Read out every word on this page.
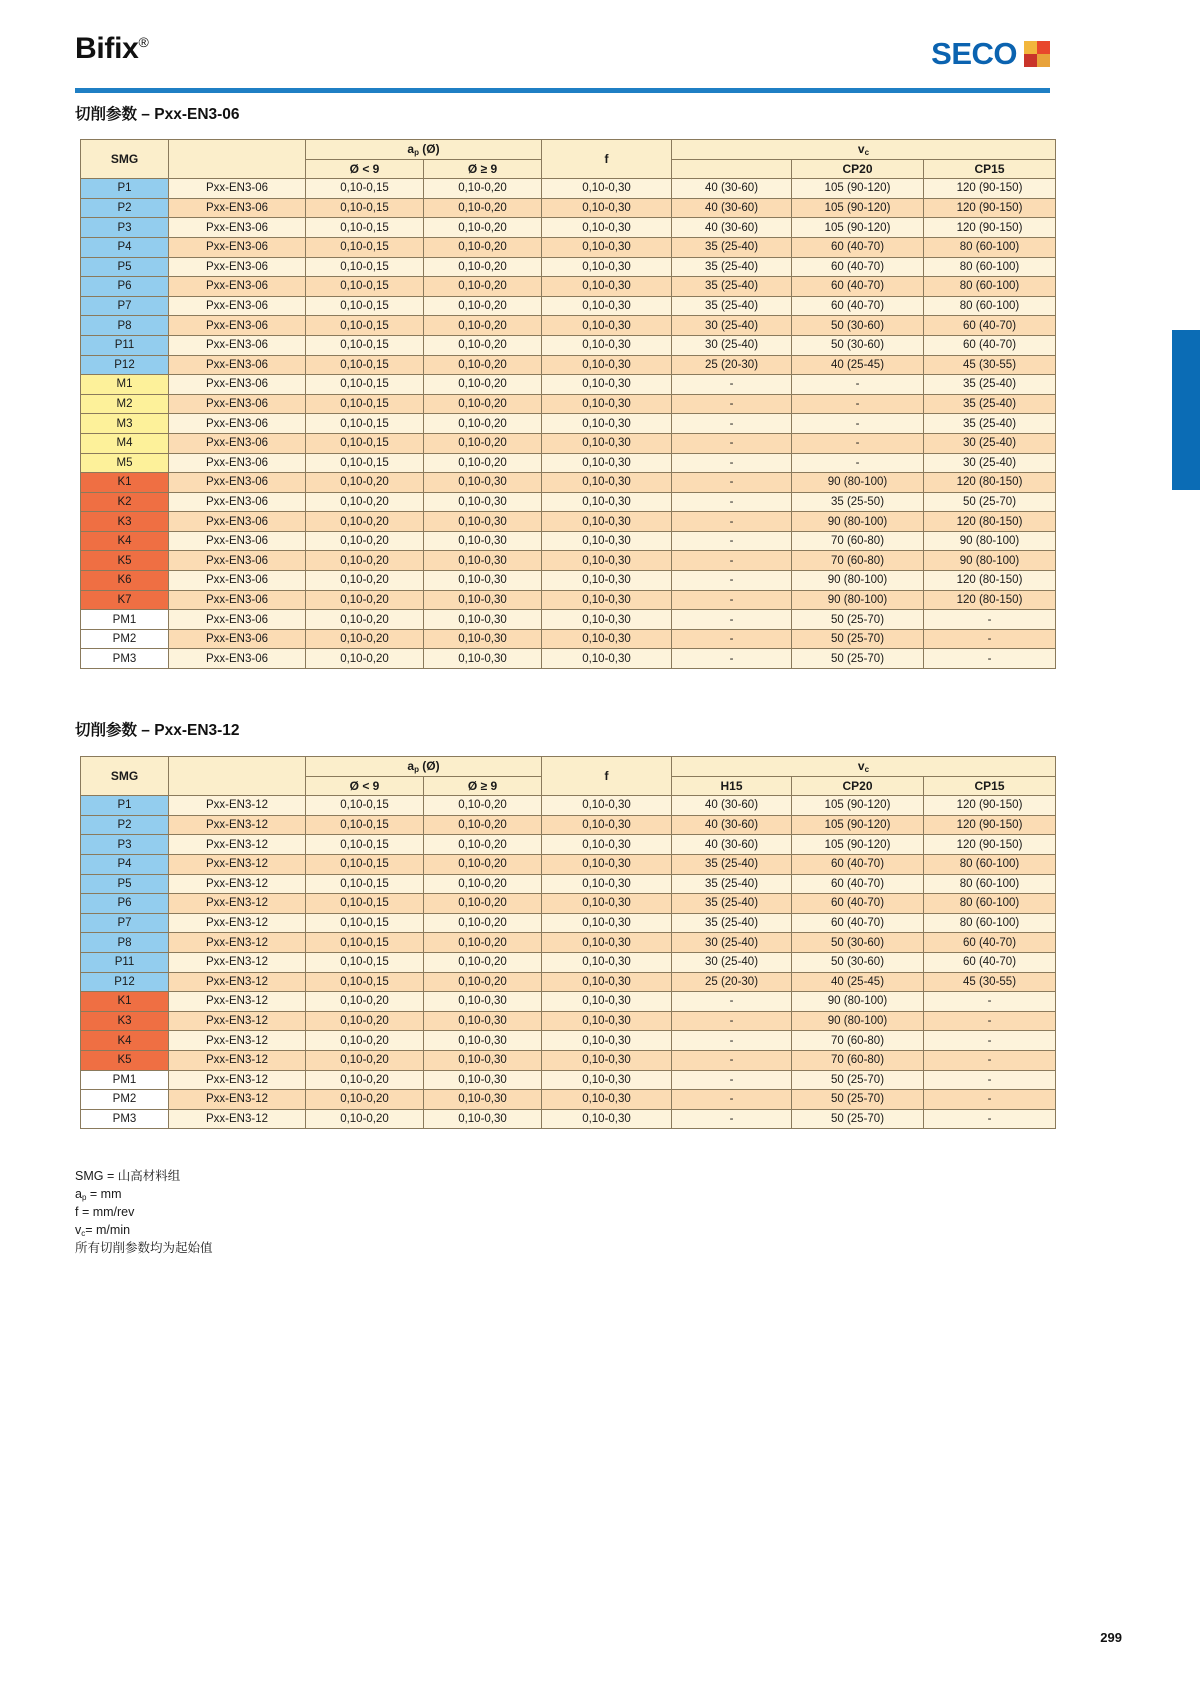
Bifix®	SECO
切削参数 – Pxx-EN3-06
SMG		$a_p$ (Ø)		f	$v_c$
		Ø < 9	Ø ≥ 9			CP20	CP15
P1	Pxx-EN3-06	0,10-0,15	0,10-0,20	0,10-0,30	40 (30-60)	105 (90-120)	120 (90-150)
P2	Pxx-EN3-06	0,10-0,15	0,10-0,20	0,10-0,30	40 (30-60)	105 (90-120)	120 (90-150)
P3	Pxx-EN3-06	0,10-0,15	0,10-0,20	0,10-0,30	40 (30-60)	105 (90-120)	120 (90-150)
P4	Pxx-EN3-06	0,10-0,15	0,10-0,20	0,10-0,30	35 (25-40)	60 (40-70)	80 (60-100)
P5	Pxx-EN3-06	0,10-0,15	0,10-0,20	0,10-0,30	35 (25-40)	60 (40-70)	80 (60-100)
P6	Pxx-EN3-06	0,10-0,15	0,10-0,20	0,10-0,30	35 (25-40)	60 (40-70)	80 (60-100)
P7	Pxx-EN3-06	0,10-0,15	0,10-0,20	0,10-0,30	35 (25-40)	60 (40-70)	80 (60-100)
P8	Pxx-EN3-06	0,10-0,15	0,10-0,20	0,10-0,30	30 (25-40)	50 (30-60)	60 (40-70)
P11	Pxx-EN3-06	0,10-0,15	0,10-0,20	0,10-0,30	30 (25-40)	50 (30-60)	60 (40-70)
P12	Pxx-EN3-06	0,10-0,15	0,10-0,20	0,10-0,30	25 (20-30)	40 (25-45)	45 (30-55)
M1	Pxx-EN3-06	0,10-0,15	0,10-0,20	0,10-0,30	-	-	35 (25-40)
M2	Pxx-EN3-06	0,10-0,15	0,10-0,20	0,10-0,30	-	-	35 (25-40)
M3	Pxx-EN3-06	0,10-0,15	0,10-0,20	0,10-0,30	-	-	35 (25-40)
M4	Pxx-EN3-06	0,10-0,15	0,10-0,20	0,10-0,30	-	-	30 (25-40)
M5	Pxx-EN3-06	0,10-0,15	0,10-0,20	0,10-0,30	-	-	30 (25-40)
K1	Pxx-EN3-06	0,10-0,20	0,10-0,30	0,10-0,30	-	90 (80-100)	120 (80-150)
K2	Pxx-EN3-06	0,10-0,20	0,10-0,30	0,10-0,30	-	35 (25-50)	50 (25-70)
K3	Pxx-EN3-06	0,10-0,20	0,10-0,30	0,10-0,30	-	90 (80-100)	120 (80-150)
K4	Pxx-EN3-06	0,10-0,20	0,10-0,30	0,10-0,30	-	70 (60-80)	90 (80-100)
K5	Pxx-EN3-06	0,10-0,20	0,10-0,30	0,10-0,30	-	70 (60-80)	90 (80-100)
K6	Pxx-EN3-06	0,10-0,20	0,10-0,30	0,10-0,30	-	90 (80-100)	120 (80-150)
K7	Pxx-EN3-06	0,10-0,20	0,10-0,30	0,10-0,30	-	90 (80-100)	120 (80-150)
PM1	Pxx-EN3-06	0,10-0,20	0,10-0,30	0,10-0,30	-	50 (25-70)	-
PM2	Pxx-EN3-06	0,10-0,20	0,10-0,30	0,10-0,30	-	50 (25-70)	-
PM3	Pxx-EN3-06	0,10-0,20	0,10-0,30	0,10-0,30	-	50 (25-70)	-
切削参数 – Pxx-EN3-12
SMG		$a_p$ (Ø)		f	$v_c$
		Ø < 9	Ø ≥ 9		H15	CP20	CP15
P1	Pxx-EN3-12	0,10-0,15	0,10-0,20	0,10-0,30	40 (30-60)	105 (90-120)	120 (90-150)
P2	Pxx-EN3-12	0,10-0,15	0,10-0,20	0,10-0,30	40 (30-60)	105 (90-120)	120 (90-150)
P3	Pxx-EN3-12	0,10-0,15	0,10-0,20	0,10-0,30	40 (30-60)	105 (90-120)	120 (90-150)
P4	Pxx-EN3-12	0,10-0,15	0,10-0,20	0,10-0,30	35 (25-40)	60 (40-70)	80 (60-100)
P5	Pxx-EN3-12	0,10-0,15	0,10-0,20	0,10-0,30	35 (25-40)	60 (40-70)	80 (60-100)
P6	Pxx-EN3-12	0,10-0,15	0,10-0,20	0,10-0,30	35 (25-40)	60 (40-70)	80 (60-100)
P7	Pxx-EN3-12	0,10-0,15	0,10-0,20	0,10-0,30	35 (25-40)	60 (40-70)	80 (60-100)
P8	Pxx-EN3-12	0,10-0,15	0,10-0,20	0,10-0,30	30 (25-40)	50 (30-60)	60 (40-70)
P11	Pxx-EN3-12	0,10-0,15	0,10-0,20	0,10-0,30	30 (25-40)	50 (30-60)	60 (40-70)
P12	Pxx-EN3-12	0,10-0,15	0,10-0,20	0,10-0,30	25 (20-30)	40 (25-45)	45 (30-55)
K1	Pxx-EN3-12	0,10-0,20	0,10-0,30	0,10-0,30	-	90 (80-100)	-
K3	Pxx-EN3-12	0,10-0,20	0,10-0,30	0,10-0,30	-	90 (80-100)	-
K4	Pxx-EN3-12	0,10-0,20	0,10-0,30	0,10-0,30	-	70 (60-80)	-
K5	Pxx-EN3-12	0,10-0,20	0,10-0,30	0,10-0,30	-	70 (60-80)	-
PM1	Pxx-EN3-12	0,10-0,20	0,10-0,30	0,10-0,30	-	50 (25-70)	-
PM2	Pxx-EN3-12	0,10-0,20	0,10-0,30	0,10-0,30	-	50 (25-70)	-
PM3	Pxx-EN3-12	0,10-0,20	0,10-0,30	0,10-0,30	-	50 (25-70)	-
SMG = 山高材料组
$a_p$ = mm
f = mm/rev
$v_c= m/\min$
所有切削参数均为起始值
299
